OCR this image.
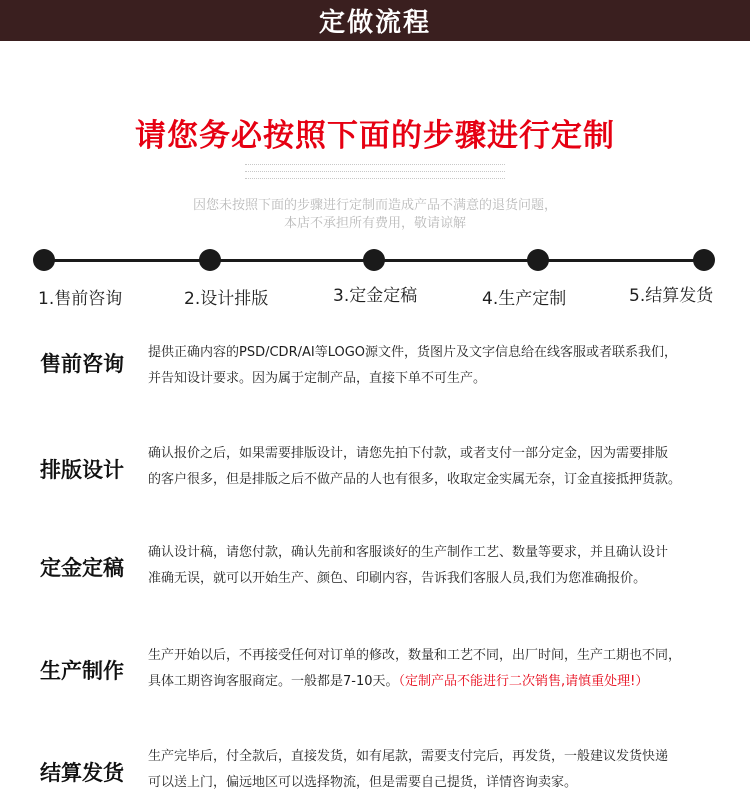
定做流程
请您务必按照下面的步骤进行定制
因您未按照下面的步骤进行定制而造成产品不满意的退货问题，
本店不承担所有费用，敬请谅解
1.售前咨询	2.设计排版	3.定金定稿	4.生产定制	5.结算发货
售前咨询 提供正确内容的PSD/CDR/AI等LOGO源文件，货图片及文字信息给在线客服或者联系我们，
并告知设计要求。因为属于定制产品，直接下单不可生产。
排版设计
确认报价之后，如果需要排版设计，请您先拍下付款，或者支付一部分定金，因为需要排版
的客户很多，但是排版之后不做产品的人也有很多，收取定金实属无奈，订金直接抵押货款。
定金定稿
确认设计稿，请您付款，确认先前和客服谈好的生产制作工艺、数量等要求，并且确认设计
准确无误，就可以开始生产、颜色、印刷内容，告诉我们客服人员,我们为您准确报价。
生产制作
生产开始以后，不再接受任何对订单的修改，数量和工艺不同，出厂时间，生产工期也不同，
具体工期咨询客服商定。一般都是7-10天。（定制产品不能进行二次销售,请慎重处理!）
结算发货
生产完毕后，付全款后，直接发货，如有尾款，需要支付完后，再发货，一般建议发货快递
可以送上门，偏远地区可以选择物流，但是需要自己提货，详情咨询卖家。
